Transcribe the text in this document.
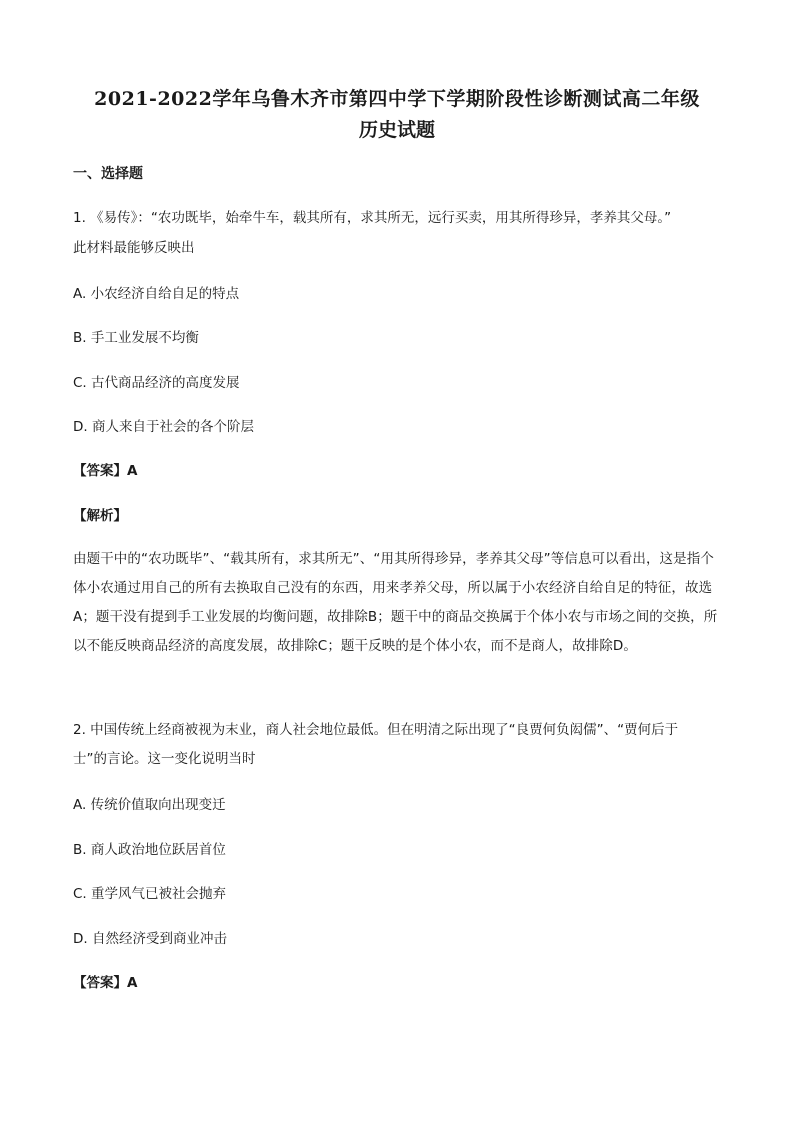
2021-2022学年乌鲁木齐市第四中学下学期阶段性诊断测试高二年级
历史试题
一、选择题
1. 《易传》：“农功既毕，始牵牛车，载其所有，求其所无，远行买卖，用其所得珍异，孝养其父母。”
此材料最能够反映出
A. 小农经济自给自足的特点
B. 手工业发展不均衡
C. 古代商品经济的高度发展
D. 商人来自于社会的各个阶层
【答案】A
【解析】
由题干中的“农功既毕”、“载其所有，求其所无”、“用其所得珍异，孝养其父母”等信息可以看出，这是指个体小农通过用自己的所有去换取自己没有的东西，用来孝养父母，所以属于小农经济自给自足的特征，故选A；题干没有提到手工业发展的均衡问题，故排除B；题干中的商品交换属于个体小农与市场之间的交换，所以不能反映商品经济的高度发展，故排除C；题干反映的是个体小农，而不是商人，故排除D。
2. 中国传统上经商被视为末业，商人社会地位最低。但在明清之际出现了“良贾何负闳儒”、“贾何后于
士”的言论。这一变化说明当时
A. 传统价值取向出现变迁
B. 商人政治地位跃居首位
C. 重学风气已被社会抛弃
D. 自然经济受到商业冲击
【答案】A
